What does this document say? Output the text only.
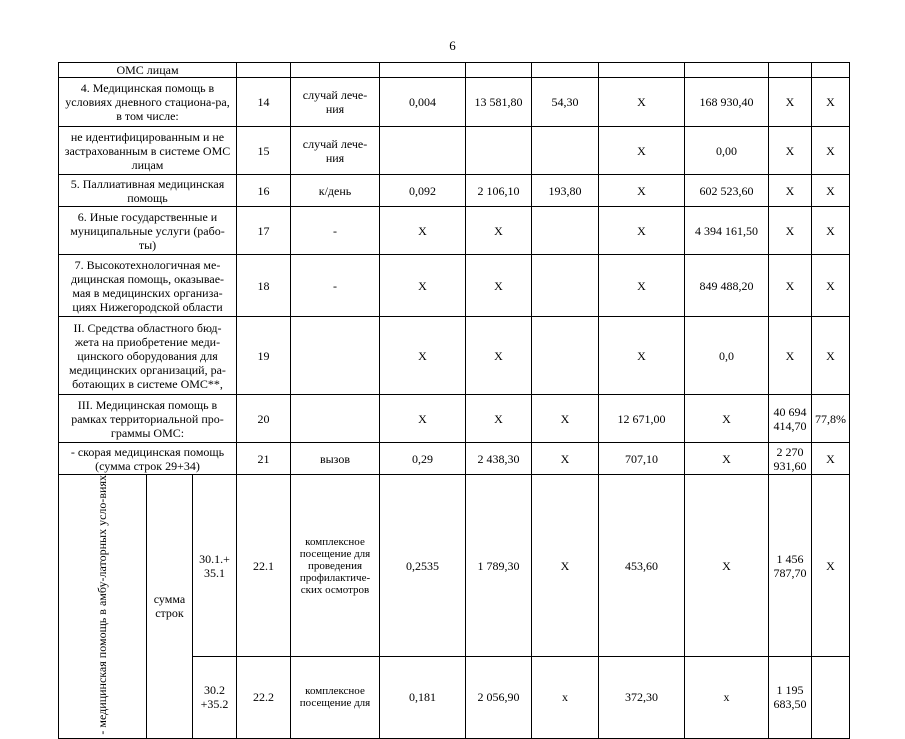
6
ОМС лицам											
4. Медицинская помощь в условиях дневного стациона-ра, в том числе:			14	случай лече-ния	0,004	13 581,80	54,30	Х	168 930,40	Х	Х
не идентифицированным и не застрахованным в системе ОМС лицам			15	случай лече-ния				Х	0,00	Х	Х
5. Паллиативная медицинская помощь			16	к/день	0,092	2 106,10	193,80	Х	602 523,60	Х	Х
6. Иные государственные и муниципальные услуги (рабо-ты)			17	-	Х	Х		Х	4 394 161,50	Х	Х
7. Высокотехнологичная ме-дицинская помощь, оказывае-мая в медицинских организа-циях Нижегородской области			18	-	Х	Х		Х	849 488,20	Х	Х
II. Средства областного бюд-жета на приобретение меди-цинского оборудования для медицинских организаций, ра-ботающих в системе ОМС**,			19		Х	Х		Х	0,0	Х	Х
III. Медицинская помощь в рамках территориальной про-граммы ОМС:			20		Х	Х	Х	12 671,00	Х	40 694 414,70	77,8%
- скорая медицинская помощь (сумма строк 29+34)			21	вызов	0,29	2 438,30	Х	707,10	Х	2 270 931,60	Х
- медицинская помощь в амбу-латорных усло-виях	сумма строк	30.1.+ 35.1	22.1	комплексное посещение для проведения профилактиче-ских осмотров	0,2535	1 789,30	Х	453,60	Х	1 456 787,70	Х
		30.2 +35.2	22.2	комплексное посещение для	0,181	2 056,90	х	372,30	х	1 195 683,50	
